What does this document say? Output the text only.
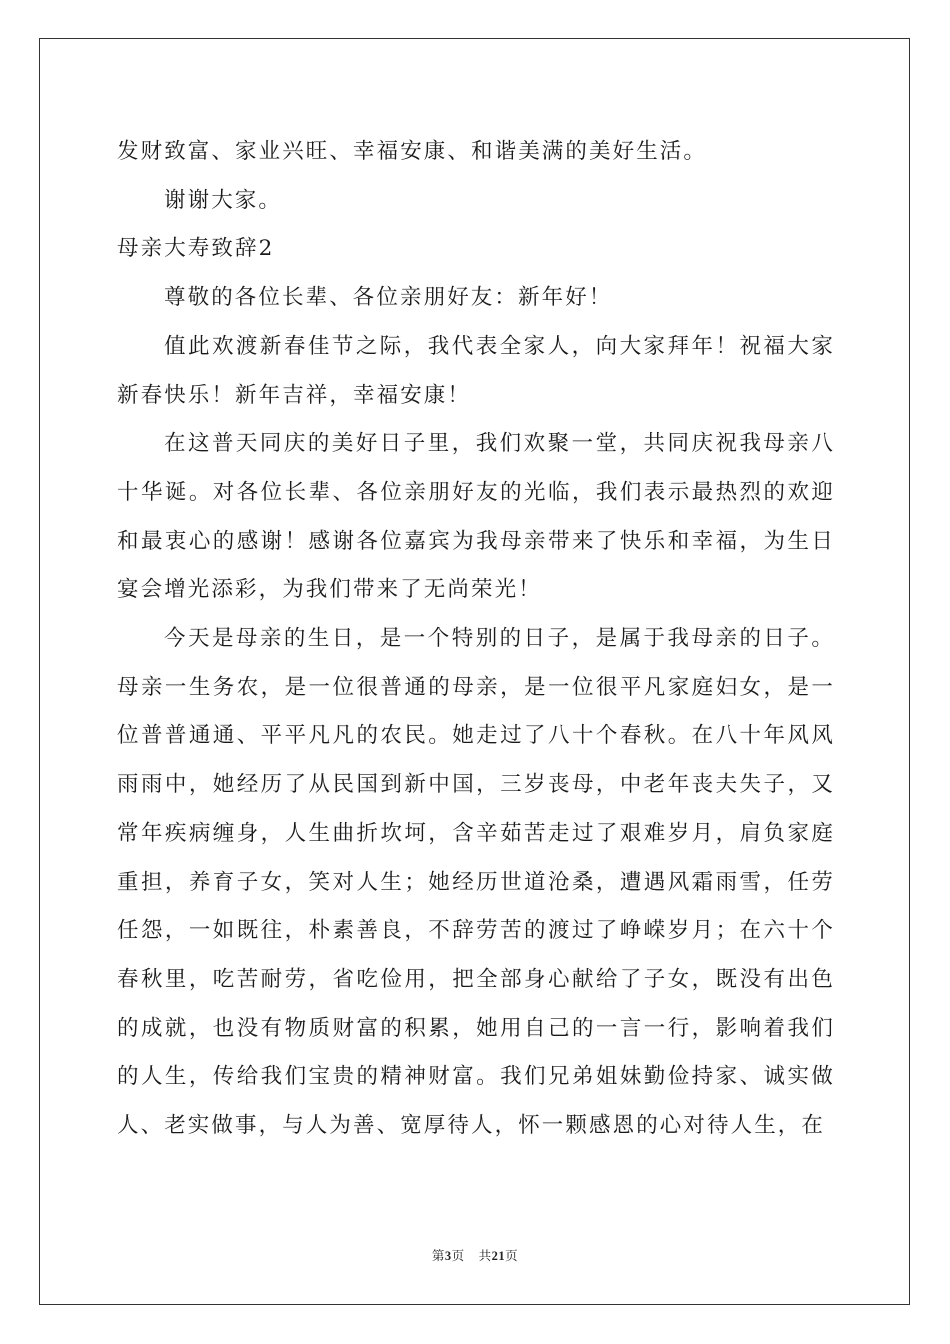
发财致富、家业兴旺、幸福安康、和谐美满的美好生活。

谢谢大家。

母亲大寿致辞2

尊敬的各位长辈、各位亲朋好友：新年好！

值此欢渡新春佳节之际，我代表全家人，向大家拜年！祝福大家新春快乐！新年吉祥，幸福安康！

在这普天同庆的美好日子里，我们欢聚一堂，共同庆祝我母亲八十华诞。对各位长辈、各位亲朋好友的光临，我们表示最热烈的欢迎和最衷心的感谢！感谢各位嘉宾为我母亲带来了快乐和幸福，为生日宴会增光添彩，为我们带来了无尚荣光！

今天是母亲的生日，是一个特别的日子，是属于我母亲的日子。母亲一生务农，是一位很普通的母亲，是一位很平凡家庭妇女，是一位普普通通、平平凡凡的农民。她走过了八十个春秋。在八十年风风雨雨中，她经历了从民国到新中国，三岁丧母，中老年丧夫失子，又常年疾病缠身，人生曲折坎坷，含辛茹苦走过了艰难岁月，肩负家庭重担，养育子女，笑对人生；她经历世道沧桑，遭遇风霜雨雪，任劳任怨，一如既往，朴素善良，不辞劳苦的渡过了峥嵘岁月；在六十个春秋里，吃苦耐劳，省吃俭用，把全部身心献给了子女，既没有出色的成就，也没有物质财富的积累，她用自己的一言一行，影响着我们的人生，传给我们宝贵的精神财富。我们兄弟姐妹勤俭持家、诚实做人、老实做事，与人为善、宽厚待人，怀一颗感恩的心对待人生，在

第3页 共21页
